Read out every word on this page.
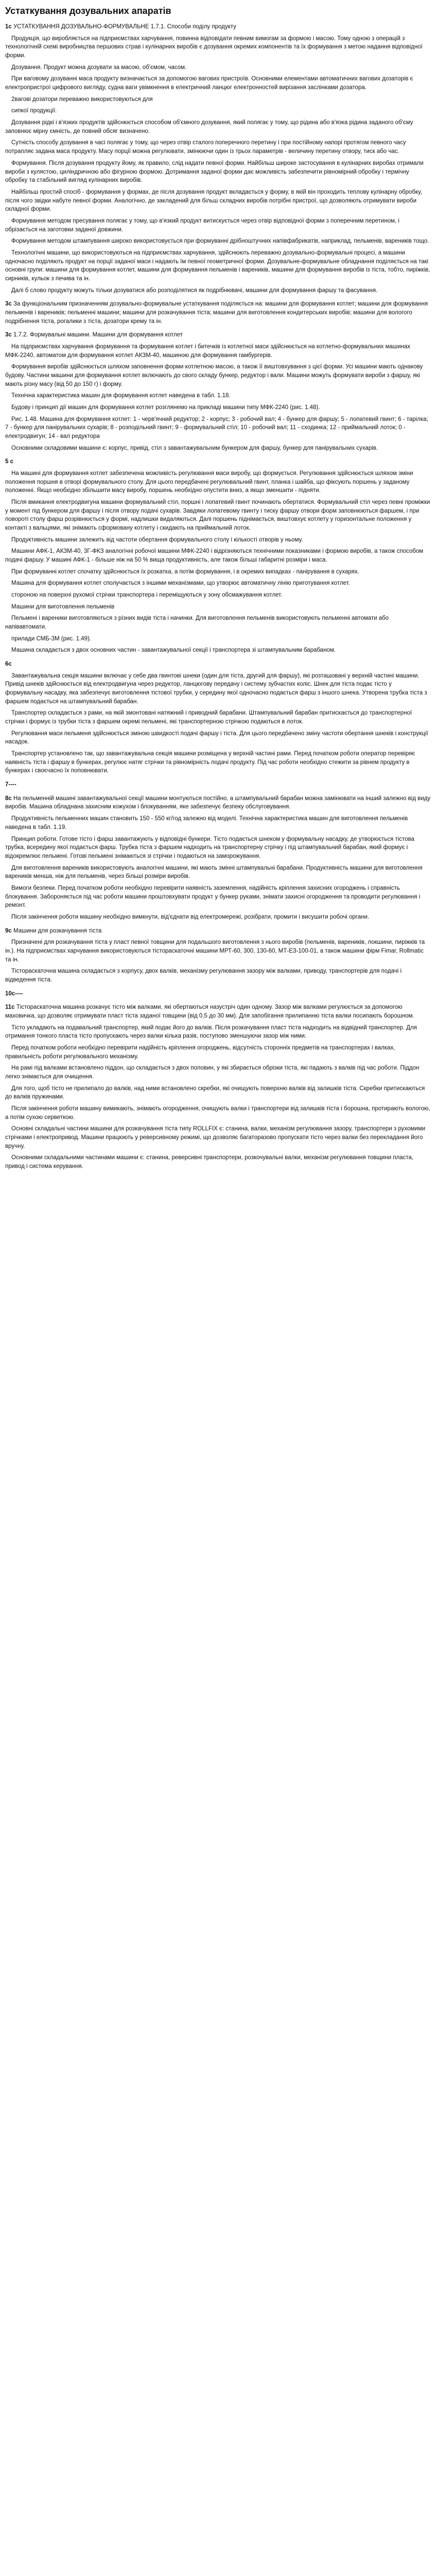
Устаткування дозувальних апаратів

1с УСТАТКУВАННЯ ДОЗУВАЛЬНО-ФОРМУВАЛЬНЕ 1.7.1. Способи поділу продукту

Продукція, що виробляється на підприємствах харчування, повинна відповідати певним вимогам за формою і масою. Тому одною з операцій з технологічній схемі виробництва першових страв і кулінарних виробів є дозування окремих компонентів та їх формування з метою надання відповідної форми.

Дозування. Продукт можна дозувати за масою, об'ємом, часом.

При ваговому дозуванні маса продукту визначається за допомогою вагових пристроїв. Основними елементами автоматичних вагових дозаторів є електропристрої цифрового вигляду, судна ваги увімкнення в електричний ланцюг електронностей вирізання заслінками дозатора.

2вагові дозатори переважно використовуються для

сипкої продукції.

Дозування рідкі і в'язких продуктів здійснюється способом об'ємного дозування, який полягає у тому, що рідина або в'язка рідина заданого об'єму заповнює мірну ємність, де повний обсяг визначено.

Сутність способу дозування в часі полягає у тому, що через отвір сталого поперечного перетину і при постійному напорі протягом певного часу потрапляє задана маса продукту. Масу порції можна регулювати, змінюючи один із трьох параметрів - величину перетину отвору, тиск або час.

Формування. Після дозування продукту йому, як правило, слід надати певної форми. Найбільш широке застосування в кулінарних виробах отримали вироби з кулястою, циліндричною або фігурною формою. Дотримання заданої форми дає можливість забезпечити рівномірний обробку і термічну обробку та стабільний вигляд кулінарних виробів.

Найбільш простий спосіб - формування у формах, де після дозування продукт вкладається у форму, в якій він проходить теплову кулінарну обробку, після чого звідки набуте певної форми. Аналогічно, де закладений для більш складних виробів потрібні пристрої, що дозволяють отримувати вироби складної форми.

Формування методом пресування полягає у тому, що в'язкий продукт витискується через отвір відповідної форми з поперечним перетином, і обрізається на заготовки заданої довжини.

Формування методом штампування широко використовується при формуванні дрібноштучних напівфабрикатів, наприклад, пельменів, вареників тощо.

Технологічні машини, що використовуються на підприємствах харчування, здійснюють переважно дозувально-формувальні процесі, а машини одночасно поділяють продукт на порції заданої маси і надають їм певної геометричної форми. Дозувальне-формувальне обладнання поділяється на такі основні групи: машини для формування котлет, машини для формування пельменів і вареників, машини для формування виробів із тіста, тобто, пиріжків, сирників, кульок з печива та ін.

Далі б слово продукту можуть тільки дозуватися або розподілятися як подрібнювачі, машини для формування фаршу та фасування.

3с За функціональним призначенням дозувально-формувальне устаткування поділяється на: машини для формування котлет; машини для формування пельменів і вареників; пельменні машини; машини для розкачування тіста; машини для виготовлення кондитерських виробів; машини для вологого подрібнення тіста, рогалики з тіста, дозатори крему та ін.

3с 1.7.2. Формувальні машини. Машини для формування котлет

На підприємствах харчування формування та формування котлет і битечків із котлетної маси здійснюється на котлетно-формувальних машинах МФК-2240, автоматом для формування котлет АКЗМ-40, машиною для формування гамбургерів.

Формування виробів здійснюється шляхом заповнення форми котлетною масою, а також її виштовхування з цієї форми. Усі машини мають однакову будову. Частини машини для формування котлет включають до свого складу бункер, редуктор і вали. Машини можуть формувати вироби з фаршу, які мають різну масу (від 50 до 150 г) і форму.

Технічна характеристика машин для формування котлет наведена в табл. 1.18.

Будову і принцип дії машин для формування котлет розглянемо на прикладі машини типу МФК-2240 (рис. 1.48).

Рис. 1.48. Машина для формування котлет: 1 - черв'ячний редуктор; 2 - корпус; 3 - робочий вал; 4 - бункер для фаршу; 5 - лопатевий гвинт; 6 - тарілка; 7 - бункер для панірувальних сухарів; 8 - розподільний гвинт; 9 - формувальний стіл; 10 - робочий вал; 11 - сходинка; 12 - приймальний лоток; 0 - електродвигун; 14 - вал редуктора

Основними складовими машини є: корпус, привід, стіл з завантажувальним бункером для фаршу, бункер для панірувальних сухарів.

5 с

На машині для формування котлет забезпечена можливість регулювання маси виробу, що формується. Регулювання здійснюється шляхом зміни положення поршня в отворі формувального столу. Для цього передбачені регулювальний гвинт, планка і шайба, що фіксують поршень у заданому положенні. Якщо необхідно збільшити масу виробу, поршень необхідно опустити вниз, а якщо зменшити - підняти.

Після вмикання електродвигуна машини формувальний стіл, поршні і лопатевий гвинт починають обертатися. Формувальний стіл через певні проміжки у момент під бункером для фаршу і після отвору подачі сухарів. Завдяки лопатевому гвинту і тиску фаршу отвори форм заповнюються фаршем, і при повороті столу фарш розрівнюється у формі, надлишки видаляються. Далі поршень піднімається, виштовхує котлету у горизонтальне положення у контакті з вальцями, які знімають сформовану котлету і скидають на приймальний лоток.

Продуктивність машини залежить від частоти обертання формувального столу і кількості отворів у ньому.

Машини АФК-1, АКЗМ-40, 3Г-ФКЗ аналогічні робочої машини МФК-2240 і відрізняються технічними показниками і формою виробів, а також способом подачі фаршу. У машині АФК-1 - більше ніж на 50 % вища продуктивність, але також більші габаритні розміри і маса.

При формуванні котлет спочатку здійснюється їх розкатка, а потім формування, і в окремих випадках - панірування в сухарях.

Машина для формування котлет сполучається з іншими механізмами, що утворює автоматичну лінію приготування котлет.

стороною на поверхні рухомої стрічки транспортера і переміщуються у зону обсмажування котлет.

Машини для виготовлення пельменів

Пельмені і вареники виготовляються з різних видів тіста і начинки. Для виготовлення пельменів використовують пельменні автомати або напівавтомати.

прилади СМБ-3М (рис. 1.49).

Машина складається з двох основних частин - завантажувальної секції і транспортера зі штампувальним барабаном.

6с

Завантажувальна секція машини включає у себе два гвинтові шнеки (один для тіста, другий для фаршу), які розташовані у верхній частині машини. Привід шнеків здійснюється від електродвигуна через редуктор, ланцюгову передачу і систему зубчастих коліс. Шнек для тіста подає тісто у формувальну насадку, яка забезпечує виготовлення тістової трубки, у середину якої одночасно подається фарш з іншого шнека. Утворена трубка тіста з фаршем подається на штампувальний барабан.

Транспортер складається з рами, на якій змонтовані натяжний і приводний барабани. Штампувальний барабан притискається до транспортерної стрічки і формує із трубки тіста з фаршем окремі пельмені, які транспортерною стрічкою подаються в лоток.

Регулювання маси пельменя здійснюється зміною швидкості подачі фаршу і тіста. Для цього передбачено зміну частоти обертання шнеків і конструкції насадок.

Транспортер установлено так, що завантажувальна секція машини розміщена у верхній частині рами. Перед початком роботи оператор перевіряє наявність тіста і фаршу в бункерах, регулює натяг стрічки та рівномірність подачі продукту. Під час роботи необхідно стежити за рівнем продукту в бункерах і своєчасно їх поповнювати.

7----

8с На пельменній машині завантажувальної секції машини монтуються постійно, а штампувальний барабан можна замінювати на інший залежно від виду виробів. Машина обладнана захисним кожухом і блокуванням, яке забезпечує безпеку обслуговування.

Продуктивність пельменних машин становить 150 - 550 кг/год залежно від моделі. Технічна характеристика машин для виготовлення пельменів наведена в табл. 1.19.

Принцип роботи. Готове тісто і фарш завантажують у відповідні бункери. Тісто подається шнеком у формувальну насадку, де утворюється тістова трубка, всередину якої подається фарш. Трубка тіста з фаршем надходить на транспортерну стрічку і під штампувальний барабан, який формує і відокремлює пельмені. Готові пельмені знімаються зі стрічки і подаються на заморожування.

Для виготовлення вареників використовують аналогічні машини, які мають змінні штампувальні барабани. Продуктивність машини для виготовлення вареників менша, ніж для пельменів, через більші розміри виробів.

Вимоги безпеки. Перед початком роботи необхідно перевірити наявність заземлення, надійність кріплення захисних огороджень і справність блокування. Забороняється під час роботи машини проштовхувати продукт у бункер руками, знімати захисні огородження та проводити регулювання і ремонт.

Після закінчення роботи машину необхідно вимкнути, від'єднати від електромережі, розібрати, промити і висушити робочі органи.

9с Машини для розкачування тіста

Призначені для розкачування тіста у пласт певної товщини для подальшого виготовлення з нього виробів (пельменів, вареників, локшини, пиріжків та ін.). На підприємствах харчування використовуються тістораскаточні машини МРТ-60, 300, 130-60, МТ-ЕЗ-100-01, а також машини фірм Fimar, Rollmatic та ін.

Тістораскаточна машина складається з корпусу, двох валків, механізму регулювання зазору між валками, приводу, транспортерів для подачі і відведення тіста.

10с----

11с Тістораскаточна машина розкачує тісто між валками, які обертаються назустріч один одному. Зазор між валками регулюється за допомогою маховичка, що дозволяє отримувати пласт тіста заданої товщини (від 0,5 до 30 мм). Для запобігання прилипанню тіста валки посипають борошном.

Тісто укладають на подавальний транспортер, який подає його до валків. Після розкачування пласт тіста надходить на відвідний транспортер. Для отримання тонкого пласта тісто пропускають через валки кілька разів, поступово зменшуючи зазор між ними.

Перед початком роботи необхідно перевірити надійність кріплення огороджень, відсутність сторонніх предметів на транспортерах і валках, правильність роботи регулювального механізму.

На рамі під валками встановлено піддон, що складається з двох половин, у які збирається обрізки тіста, які падають з валків під час роботи. Піддон легко знімається для очищення.

Для того, щоб тісто не прилипало до валків, над ними встановлено скребки, які очищують поверхню валків від залишків тіста. Скребки притискаються до валків пружинами.

Після закінчення роботи машину вимикають, знімають огородження, очищують валки і транспортери від залишків тіста і борошна, протирають вологою, а потім сухою серветкою.

Основні складальні частини машини для розкачування тіста типу ROLLFIX є: станина, валки, механізм регулювання зазору, транспортери з рухомими стрічками і електропривод. Машини працюють у реверсивному режимі, що дозволяє багаторазово пропускати тісто через валки без перекладання його вручну.

Основними складальними частинами машини є: станина, реверсивні транспортери, розкочувальні валки, механізм регулювання товщини пласта, привод і система керування.
